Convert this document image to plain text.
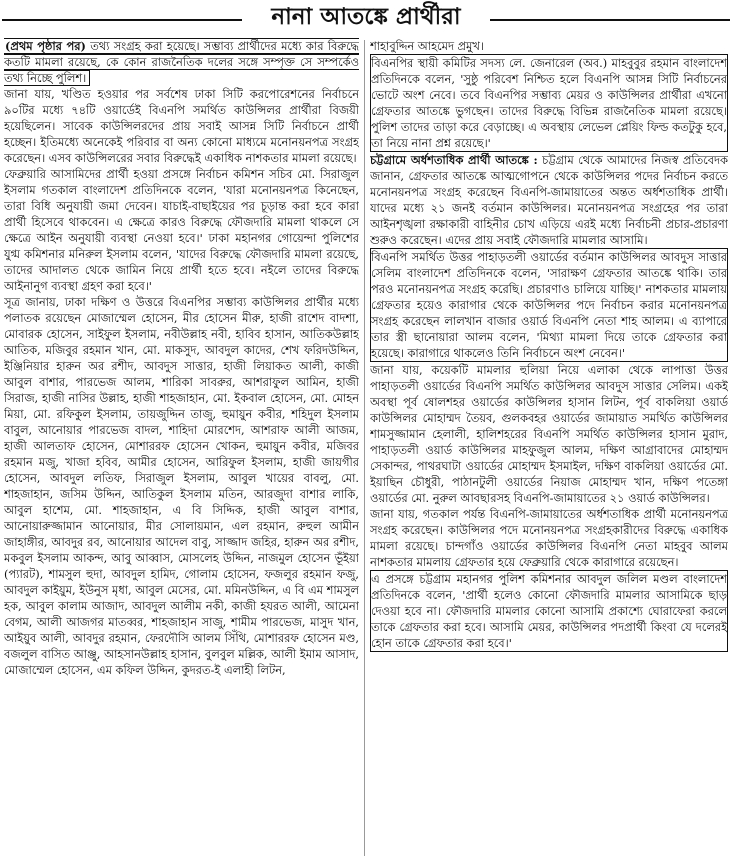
নানা আতঙ্কে প্রার্থীরা

(প্রথম পৃষ্ঠার পর) তথ্য সংগ্রহ করা হয়েছে। সম্ভাব্য প্রার্থীদের মধ্যে কার বিরুদ্ধে কতটি মামলা রয়েছে, কে কোন রাজনৈতিক দলের সঙ্গে সম্পৃক্ত সে সম্পর্কেও তথ্য নিচ্ছে পুলিশ।

জানা যায়, খণ্ডিত হওয়ার পর সর্বশেষ ঢাকা সিটি করপোরেশনের নির্বাচনে ৯০টির মধ্যে ৭৪টি ওয়ার্ডেই বিএনপি সমর্থিত কাউন্সিলর প্রার্থীরা বিজয়ী হয়েছিলেন। সাবেক কাউন্সিলরদের প্রায় সবাই আসন্ন সিটি নির্বাচনে প্রার্থী হচ্ছেন। ইতিমধ্যে অনেকেই পরিবার বা অন্য কোনো মাধ্যমে মনোনয়নপত্র সংগ্রহ করেছেন। এসব কাউন্সিলরের সবার বিরুদ্ধেই একাধিক নাশকতার মামলা রয়েছে।

ফেব্রুয়ারি আসামিদের প্রার্থী হওয়া প্রসঙ্গে নির্বাচন কমিশন সচিব মো. সিরাজুল ইসলাম গতকাল বাংলাদেশ প্রতিদিনকে বলেন, 'যারা মনোনয়নপত্র কিনেছেন, তারা বিধি অনুযায়ী জমা দেবেন। যাচাই-বাছাইয়ের পর চূড়ান্ত করা হবে কারা প্রার্থী হিসেবে থাকবেন। এ ক্ষেত্রে কারও বিরুদ্ধে ফৌজদারি মামলা থাকলে সে ক্ষেত্রে আইন অনুযায়ী ব্যবস্থা নেওয়া হবে।' ঢাকা মহানগর গোয়েন্দা পুলিশের যুগ্ম কমিশনার মনিরুল ইসলাম বলেন, 'যাদের বিরুদ্ধে ফৌজদারি মামলা রয়েছে, তাদের আদালত থেকে জামিন নিয়ে প্রার্থী হতে হবে। নইলে তাদের বিরুদ্ধে আইনানুগ ব্যবস্থা গ্রহণ করা হবে।'

সূত্র জানায়, ঢাকা দক্ষিণ ও উত্তরে বিএনপির সম্ভাব্য কাউন্সিলর প্রার্থীর মধ্যে পলাতক রয়েছেন মোজাম্মেল হোসেন, মীর হোসেন মীরু, হাজী রাশেদ বাদশা, মোবারক হোসেন, সাইফুল ইসলাম, নবীউল্লাহ নবী, হাবিব হাসান, আতিকউল্লাহ আতিক, মজিবুর রহমান খান, মো. মাকসুদ, আবদুল কাদের, শেখ ফরিদউদ্দিন, ইঞ্জিনিয়ার হারুন অর রশীদ, আবদুস সাত্তার, হাজী লিয়াকত আলী, কাজী আবুল বাশার, পারভেজ আলম, শারিকা সাবরুর, আশরাফুল আমিন, হাজী সিরাজ, হাজী নাসির উল্লাহ, হাজী শাহজাহান, মো. ইকবাল হোসেন, মো. মোহন মিয়া, মো. রফিকুল ইসলাম, তায়জুদ্দিন তাজু, হুমায়ুন কবীর, শহিদুল ইসলাম বাবুল, আনোয়ার পারভেজ বাদল, শাহিদা মোরশেদ, আশরাফ আলী আজম, হাজী আলতাফ হোসেন, মোশাররফ হোসেন খোকন, হুমায়ুন কবীর, মজিবর রহমান মজু, খাজা হবিব, আমীর হোসেন, আরিফুল ইসলাম, হাজী জায়গীর হোসেন, আবদুল লতিফ, সিরাজুল ইসলাম, আবুল খায়ের বাবলু, মো. শাহজাহান, জসিম উদ্দিন, আতিকুল ইসলাম মতিন, আরজুদা বাশার লাকি, আবুল হাশেম, মো. শাহজাহান, এ বি সিদ্দিক, হাজী আবুল বাশার, আনোয়ারুজ্জামান আনোয়ার, মীর সোলায়মান, এল রহমান, রুহুল আমীন জাহাঙ্গীর, আবদুর রব, আনোয়ার আদেল বাবু, সাজ্জাদ জহির, হারুন অর রশীদ, মকবুল ইসলাম আকন্দ, আবু আব্বাস, মোসলেহ উদ্দিন, নাজমুল হোসেন ভূঁইয়া (প্যারট), শামসুল হুদা, আবদুল হামিদ, গোলাম হোসেন, ফজলুর রহমান ফজু, আবদুল কাইয়ুম, ইউনুস মৃধা, আবুল মেসের, মো. মমিনউদ্দিন, এ বি এম শামসুল হক, আবুল কালাম আজাদ, আবদুল আলীম নকী, কাজী হযরত আলী, আমেনা বেগম, আলী আজগর মাতব্বর, শাহজাহান সাজু, শামীম পারভেজ, মাসুদ খান, আইয়ুব আলী, আবদুর রহমান, ফেরদৌসি আলম সিঁথি, মোশাররফ হোসেন মণ্ড, বজলুল বাসিত আঞ্জু, আহসানউল্লাহ হাসান, বুলবুল মল্লিক, আলী ইমাম আসাদ, মোজাম্মেল হোসেন, এম কফিল উদ্দিন, কুদরত-ই এলাহী লিটন,

শাহাবুদ্দিন আহমেদ প্রমুখ।

বিএনপির স্থায়ী কমিটির সদস্য লে. জেনারেল (অব.) মাহবুবুর রহমান বাংলাদেশ প্রতিদিনকে বলেন, 'সুষ্ঠু পরিবেশ নিশ্চিত হলে বিএনপি আসন্ন সিটি নির্বাচনের ভোটে অংশ নেবে। তবে বিএনপির সম্ভাব্য মেয়র ও কাউন্সিলর প্রার্থীরা এখনো গ্রেফতার আতঙ্কে ভুগছেন। তাদের বিরুদ্ধে বিভিন্ন রাজনৈতিক মামলা রয়েছে। পুলিশ তাদের তাড়া করে বেড়াচ্ছে। এ অবস্থায় লেভেল প্লেয়িং ফিল্ড কতটুকু হবে, তা নিয়ে নানা প্রশ্ন রয়েছে।'

চট্টগ্রামে অর্ধশতাধিক প্রার্থী আতঙ্কে : চট্টগ্রাম থেকে আমাদের নিজস্ব প্রতিবেদক জানান, গ্রেফতার আতঙ্কে আত্মগোপনে থেকে কাউন্সিলর পদের নির্বাচন করতে মনোনয়নপত্র সংগ্রহ করেছেন বিএনপি-জামায়াতের অন্তত অর্ধশতাধিক প্রার্থী। যাদের মধ্যে ২১ জনই বর্তমান কাউন্সিলর। মনোনয়নপত্র সংগ্রহের পর তারা আইনশৃঙ্খলা রক্ষাকারী বাহিনীর চোখ এড়িয়ে এরই মধ্যে নির্বাচনী প্রচার-প্রচারণা শুরুও করেছেন। এদের প্রায় সবাই ফৌজদারি মামলার আসামি।

বিএনপি সমর্থিত উত্তর পাহাড়তলী ওয়ার্ডের বর্তমান কাউন্সিলর আবদুস সাত্তার সেলিম বাংলাদেশ প্রতিদিনকে বলেন, 'সারাক্ষণ গ্রেফতার আতঙ্কে থাকি। তার পরও মনোনয়নপত্র সংগ্রহ করেছি। প্রচারণাও চালিয়ে যাচ্ছি।' নাশকতার মামলায় গ্রেফতার হয়েও কারাগার থেকে কাউন্সিলর পদে নির্বাচন করার মনোনয়নপত্র সংগ্রহ করেছেন লালখান বাজার ওয়ার্ড বিএনপি নেতা শাহ আলম। এ ব্যাপারে তার স্ত্রী ছানোয়ারা আলম বলেন, 'মিথ্যা মামলা দিয়ে তাকে গ্রেফতার করা হয়েছে। কারাগারে থাকলেও তিনি নির্বাচনে অংশ নেবেন।'

জানা যায়, কয়েকটি মামলার হুলিয়া নিয়ে এলাকা থেকে লাপাত্তা উত্তর পাহাড়তলী ওয়ার্ডের বিএনপি সমর্থিত কাউন্সিলর আবদুস সাত্তার সেলিম। একই অবস্থা পূর্ব ষোলশহর ওয়ার্ডের কাউন্সিলর হাসান লিটন, পূর্ব বাকলিয়া ওয়ার্ড কাউন্সিলর মোহাম্মদ তৈয়ব, গুলকবহর ওয়ার্ডের জামায়াত সমর্থিত কাউন্সিলর শামসুজ্জামান হেলালী, হালিশহরের বিএনপি সমর্থিত কাউন্সিলর হাসান মুরাদ, পাহাড়তলী ওয়ার্ড কাউন্সিলর মাহফুজুল আলম, দক্ষিণ আগ্রাবাদের মোহাম্মদ সেকান্দর, পাথরঘাটা ওয়ার্ডের মোহাম্মদ ইসমাইল, দক্ষিণ বাকলিয়া ওয়ার্ডের মো. ইয়াছিন চৌধুরী, পাঠানটুলী ওয়ার্ডের নিয়াজ মোহাম্মদ খান, দক্ষিণ পতেঙ্গা ওয়ার্ডের মো. নুরুল আবছারসহ বিএনপি-জামায়াতের ২১ ওয়ার্ড কাউন্সিলর।

জানা যায়, গতকাল পর্যন্ত বিএনপি-জামায়াতের অর্ধশতাধিক প্রার্থী মনোনয়নপত্র সংগ্রহ করেছেন। কাউন্সিলর পদে মনোনয়নপত্র সংগ্রহকারীদের বিরুদ্ধে একাধিক মামলা রয়েছে। চান্দগাঁও ওয়ার্ডের কাউন্সিলর বিএনপি নেতা মাহবুব আলম নাশকতার মামলায় গ্রেফতার হয়ে ফেব্রুয়ারি থেকে কারাগারে রয়েছেন।

এ প্রসঙ্গে চট্টগ্রাম মহানগর পুলিশ কমিশনার আবদুল জলিল মণ্ডল বাংলাদেশ প্রতিদিনকে বলেন, 'প্রার্থী হলেও কোনো ফৌজদারি মামলার আসামিকে ছাড় দেওয়া হবে না। ফৌজদারি মামলার কোনো আসামি প্রকাশ্যে ঘোরাফেরা করলে তাকে গ্রেফতার করা হবে। আসামি মেয়র, কাউন্সিলর পদপ্রার্থী কিংবা যে দলেরই হোন তাকে গ্রেফতার করা হবে।'
